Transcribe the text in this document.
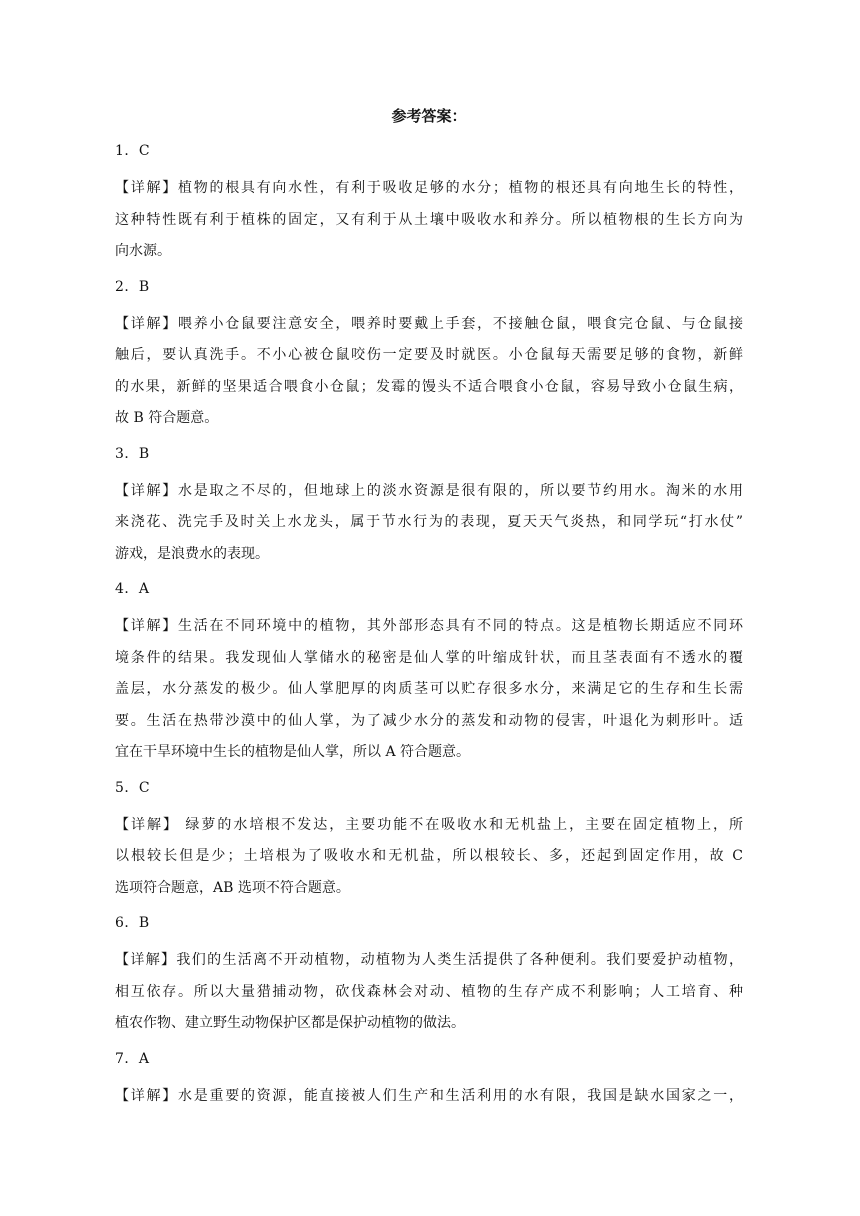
参考答案：
1．C
【详解】植物的根具有向水性，有利于吸收足够的水分；植物的根还具有向地生长的特性，
这种特性既有利于植株的固定，又有利于从土壤中吸收水和养分。所以植物根的生长方向为
向水源。
2．B
【详解】喂养小仓鼠要注意安全，喂养时要戴上手套，不接触仓鼠，喂食完仓鼠、与仓鼠接
触后，要认真洗手。不小心被仓鼠咬伤一定要及时就医。小仓鼠每天需要足够的食物，新鲜
的水果，新鲜的坚果适合喂食小仓鼠；发霉的馒头不适合喂食小仓鼠，容易导致小仓鼠生病，
故 B 符合题意。
3．B
【详解】水是取之不尽的，但地球上的淡水资源是很有限的，所以要节约用水。淘米的水用
来浇花、洗完手及时关上水龙头，属于节水行为的表现，夏天天气炎热，和同学玩“打水仗”
游戏，是浪费水的表现。
4．A
【详解】生活在不同环境中的植物，其外部形态具有不同的特点。这是植物长期适应不同环
境条件的结果。我发现仙人掌储水的秘密是仙人掌的叶缩成针状，而且茎表面有不透水的覆
盖层，水分蒸发的极少。仙人掌肥厚的肉质茎可以贮存很多水分，来满足它的生存和生长需
要。生活在热带沙漠中的仙人掌，为了减少水分的蒸发和动物的侵害，叶退化为刺形叶。适
宜在干旱环境中生长的植物是仙人掌，所以 A 符合题意。
5．C
【详解】 绿萝的水培根不发达，主要功能不在吸收水和无机盐上，主要在固定植物上，所
以根较长但是少；土培根为了吸收水和无机盐，所以根较长、多，还起到固定作用，故 C
选项符合题意，AB 选项不符合题意。
6．B
【详解】我们的生活离不开动植物，动植物为人类生活提供了各种便利。我们要爱护动植物，
相互依存。所以大量猎捕动物，砍伐森林会对动、植物的生存产成不利影响；人工培育、种
植农作物、建立野生动物保护区都是保护动植物的做法。
7．A
【详解】水是重要的资源，能直接被人们生产和生活利用的水有限，我国是缺水国家之一，
